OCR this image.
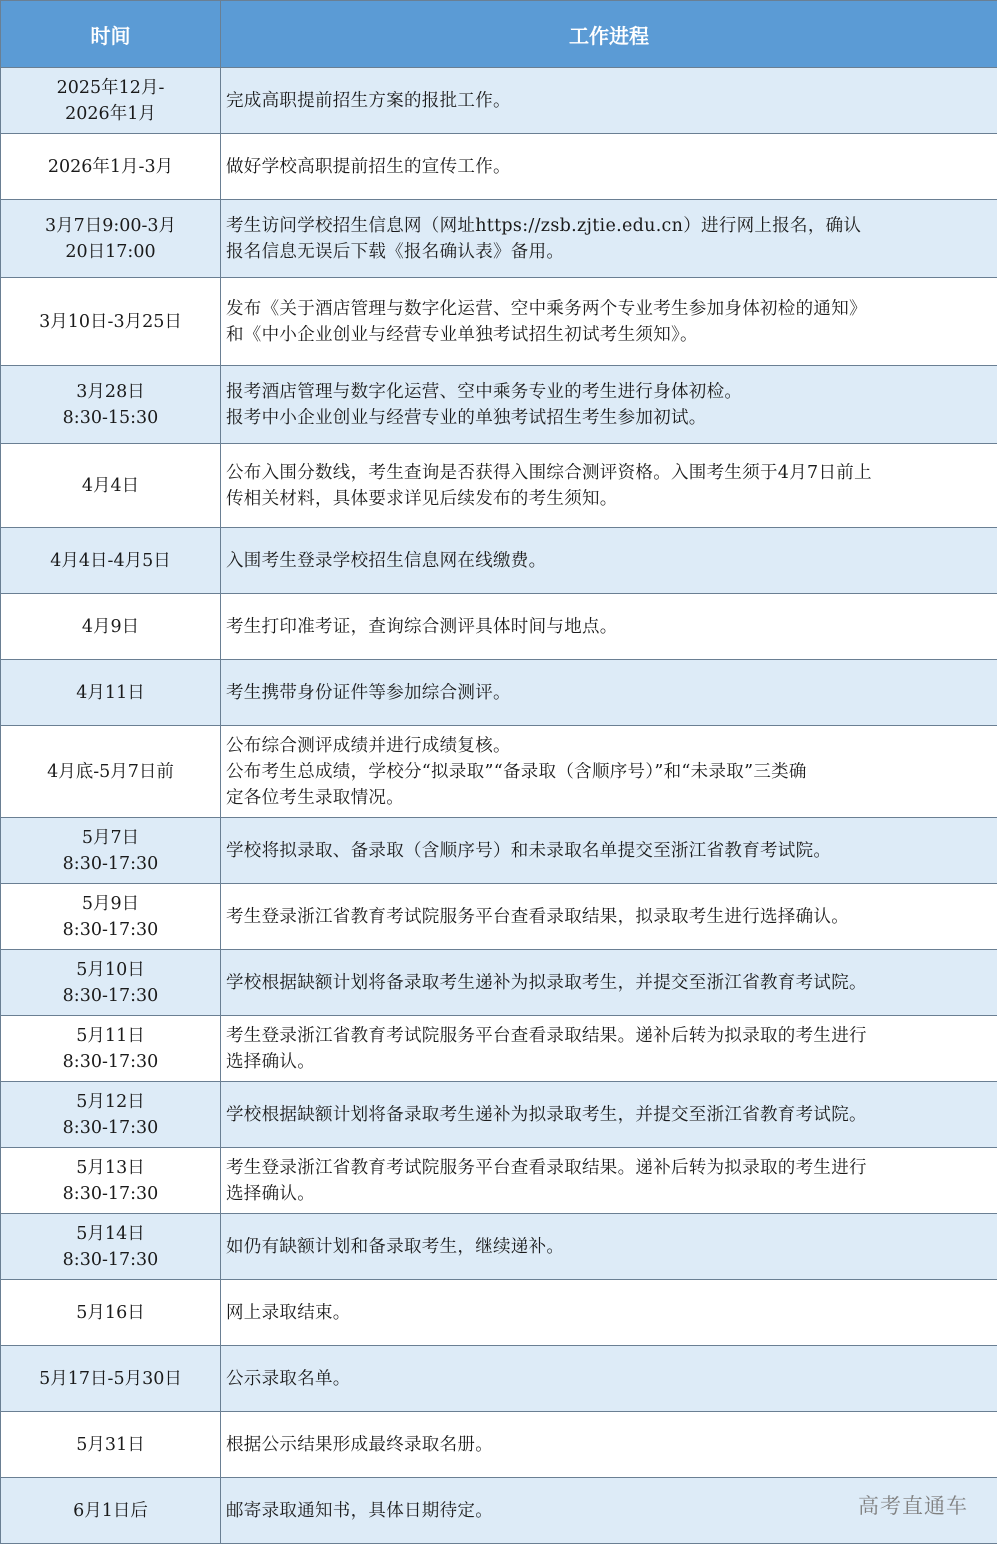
时间	工作进程
2025年12月-
2026年1月	完成高职提前招生方案的报批工作。
2026年1月-3月	做好学校高职提前招生的宣传工作。
3月7日9:00-3月
20日17:00	考生访问学校招生信息网（网址https://zsb.zjtie.edu.cn）进行网上报名，确认
报名信息无误后下载《报名确认表》备用。
3月10日-3月25日	发布《关于酒店管理与数字化运营、空中乘务两个专业考生参加身体初检的通知》
和《中小企业创业与经营专业单独考试招生初试考生须知》。
3月28日
8:30-15:30	报考酒店管理与数字化运营、空中乘务专业的考生进行身体初检。
报考中小企业创业与经营专业的单独考试招生考生参加初试。
4月4日	公布入围分数线，考生查询是否获得入围综合测评资格。入围考生须于4月7日前上
传相关材料，具体要求详见后续发布的考生须知。
4月4日-4月5日	入围考生登录学校招生信息网在线缴费。
4月9日	考生打印准考证，查询综合测评具体时间与地点。
4月11日	考生携带身份证件等参加综合测评。
4月底-5月7日前	公布综合测评成绩并进行成绩复核。
公布考生总成绩，学校分“拟录取”“备录取（含顺序号）”和“未录取”三类确
定各位考生录取情况。
5月7日
8:30-17:30	学校将拟录取、备录取（含顺序号）和未录取名单提交至浙江省教育考试院。
5月9日
8:30-17:30	考生登录浙江省教育考试院服务平台查看录取结果，拟录取考生进行选择确认。
5月10日
8:30-17:30	学校根据缺额计划将备录取考生递补为拟录取考生，并提交至浙江省教育考试院。
5月11日
8:30-17:30	考生登录浙江省教育考试院服务平台查看录取结果。递补后转为拟录取的考生进行
选择确认。
5月12日
8:30-17:30	学校根据缺额计划将备录取考生递补为拟录取考生，并提交至浙江省教育考试院。
5月13日
8:30-17:30	考生登录浙江省教育考试院服务平台查看录取结果。递补后转为拟录取的考生进行
选择确认。
5月14日
8:30-17:30	如仍有缺额计划和备录取考生，继续递补。
5月16日	网上录取结束。
5月17日-5月30日	公示录取名单。
5月31日	根据公示结果形成最终录取名册。
6月1日后	邮寄录取通知书，具体日期待定。	高考直通车
